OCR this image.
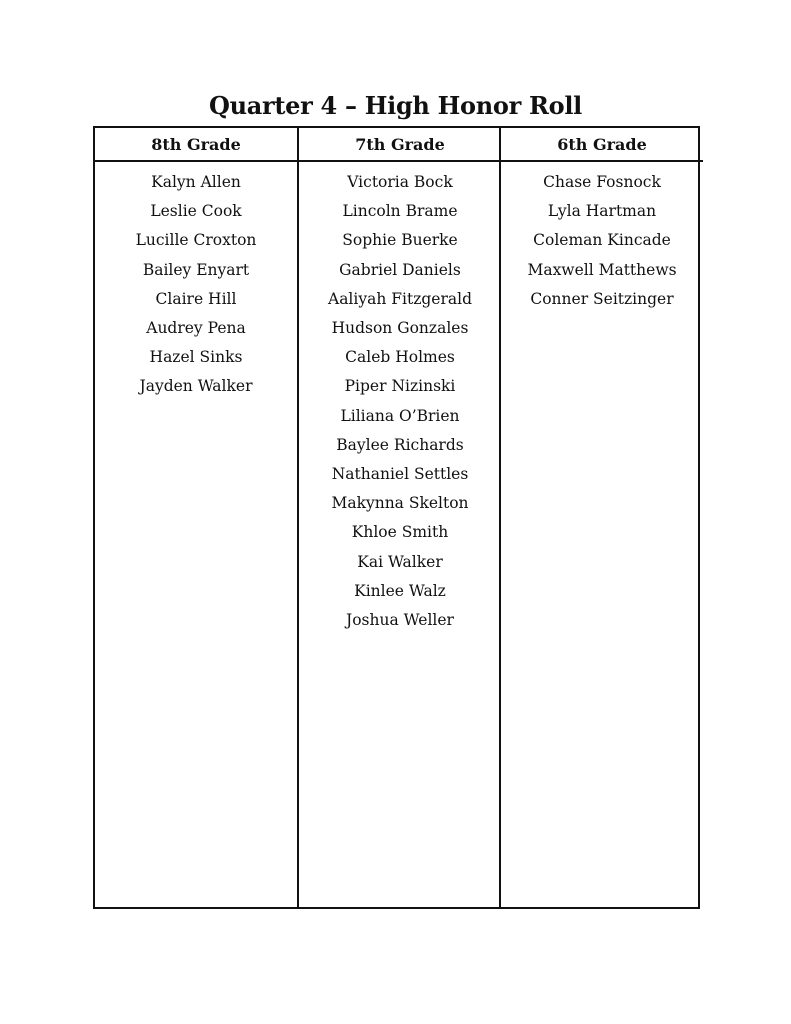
Quarter 4 – High Honor Roll
8th Grade
Kalyn Allen
Leslie Cook
Lucille Croxton
Bailey Enyart
Claire Hill
Audrey Pena
Hazel Sinks
Jayden Walker
7th Grade
Victoria Bock
Lincoln Brame
Sophie Buerke
Gabriel Daniels
Aaliyah Fitzgerald
Hudson Gonzales
Caleb Holmes
Piper Nizinski
Liliana O’Brien
Baylee Richards
Nathaniel Settles
Makynna Skelton
Khloe Smith
Kai Walker
Kinlee Walz
Joshua Weller
6th Grade
Chase Fosnock
Lyla Hartman
Coleman Kincade
Maxwell Matthews
Conner Seitzinger
